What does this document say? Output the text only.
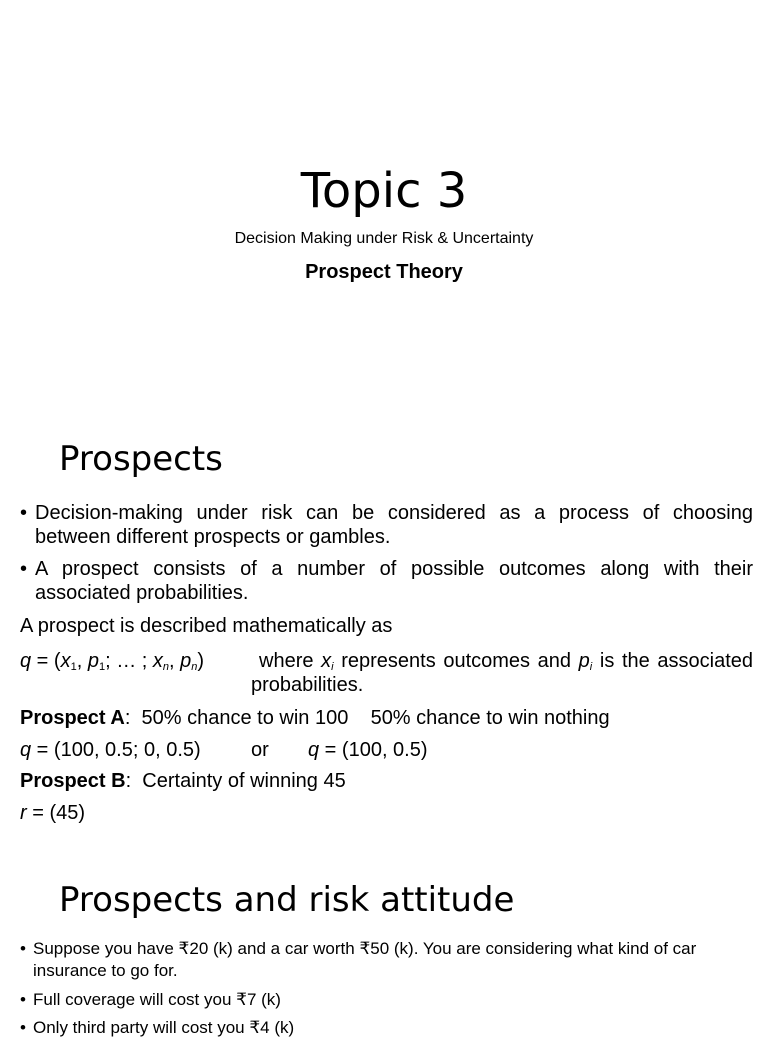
Topic 3
Decision Making under Risk & Uncertainty
Prospect Theory
Prospects
• Decision-making under risk can be considered as a process of choosing between different prospects or gambles.
• A prospect consists of a number of possible outcomes along with their associated probabilities.
A prospect is described mathematically as
$q = (x_1$, $p_1$; … ; $x_n$, $p_n$)	where $x_i$ represents outcomes and $p_i$ is the associated
probabilities.
Prospect A: 50% chance to win 100    50% chance to win nothing
q = (100, 0.5; 0, 0.5)	or q = (100, 0.5)
Prospect B: Certainty of winning 45
r = (45)
Prospects and risk attitude
• Suppose you have ₹20 (k) and a car worth ₹50 (k). You are considering what kind of car insurance to go for.
• Full coverage will cost you ₹7 (k)
• Only third party will cost you ₹4 (k)
